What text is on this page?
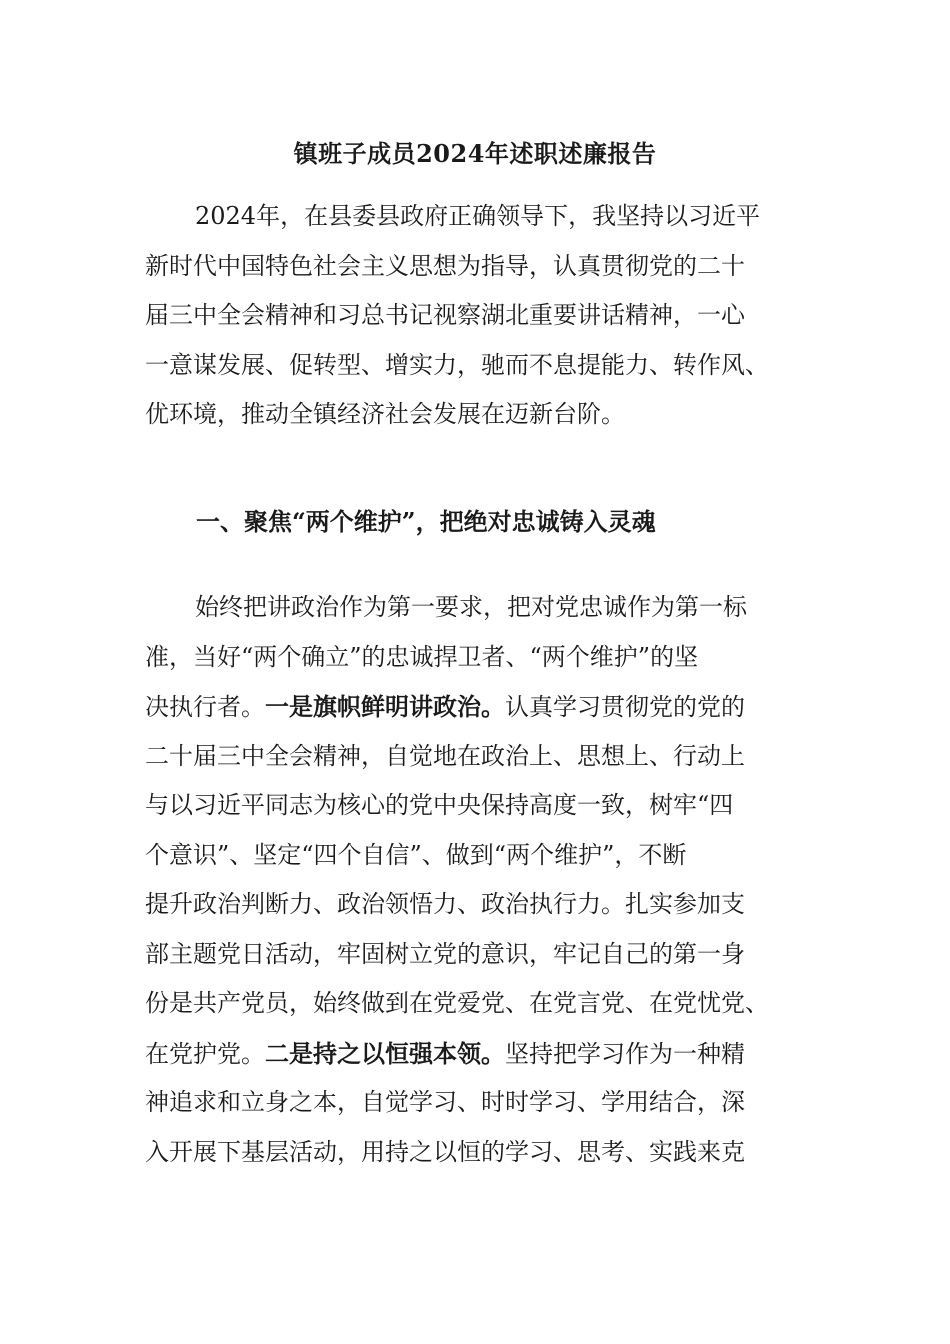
镇班子成员2024年述职述廉报告

2024年，在县委县政府正确领导下，我坚持以习近平
新时代中国特色社会主义思想为指导，认真贯彻党的二十
届三中全会精神和习总书记视察湖北重要讲话精神，一心
一意谋发展、促转型、增实力，驰而不息提能力、转作风、
优环境，推动全镇经济社会发展在迈新台阶。

一、聚焦“两个维护”，把绝对忠诚铸入灵魂

始终把讲政治作为第一要求，把对党忠诚作为第一标
准，当好“两个确立”的忠诚捍卫者、“两个维护”的坚
决执行者。一是旗帜鲜明讲政治。认真学习贯彻党的党的
二十届三中全会精神，自觉地在政治上、思想上、行动上
与以习近平同志为核心的党中央保持高度一致，树牢“四
个意识”、坚定“四个自信”、做到“两个维护”，不断
提升政治判断力、政治领悟力、政治执行力。扎实参加支
部主题党日活动，牢固树立党的意识，牢记自己的第一身
份是共产党员，始终做到在党爱党、在党言党、在党忧党、
在党护党。二是持之以恒强本领。坚持把学习作为一种精
神追求和立身之本，自觉学习、时时学习、学用结合，深
入开展下基层活动，用持之以恒的学习、思考、实践来克
